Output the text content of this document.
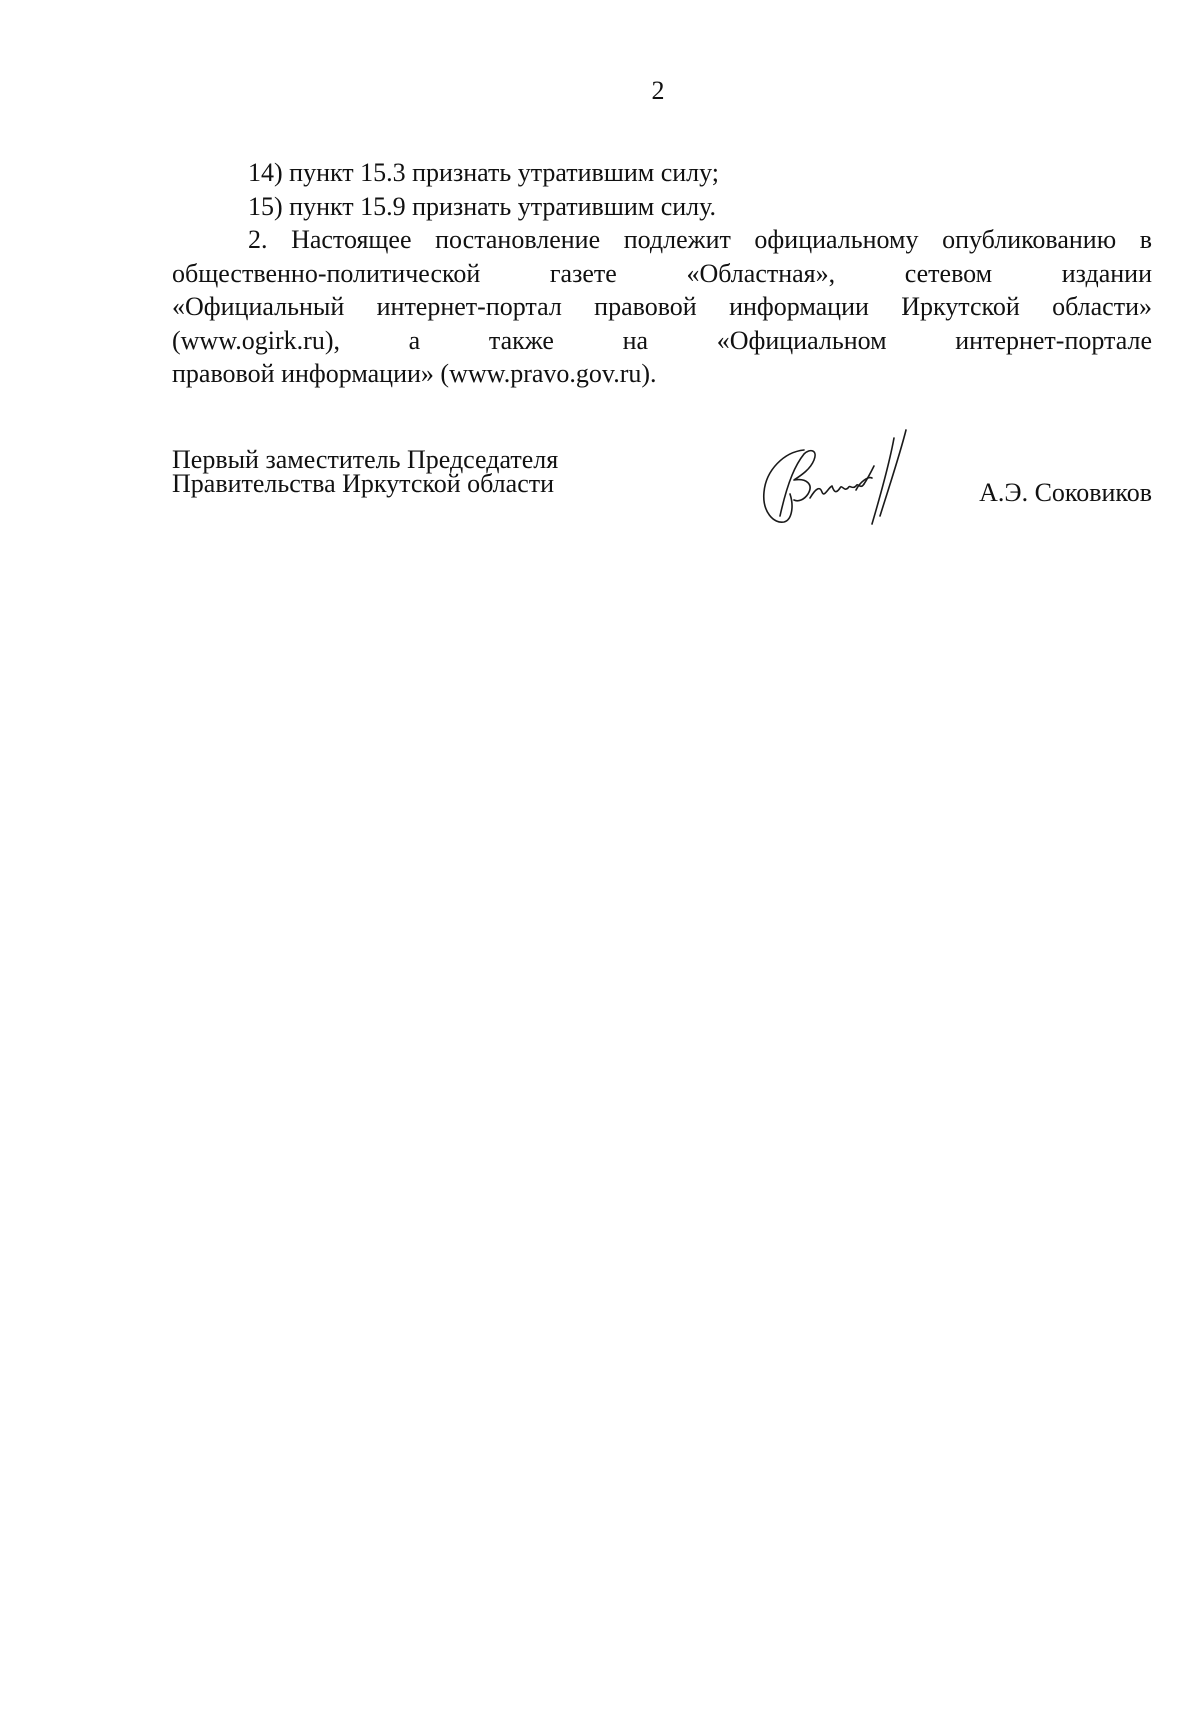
2

14) пункт 15.3 признать утратившим силу;

15) пункт 15.9 признать утратившим силу.

2. Настоящее постановление подлежит официальному опубликованию в

общественно-политической газете «Областная», сетевом издании

«Официальный интернет-портал правовой информации Иркутской области»

(www.ogirk.ru), а также на «Официальном интернет-портале

правовой информации» (www.pravo.gov.ru).

Первый заместитель Председателя
Правительства Иркутской области	А.Э. Соковиков
